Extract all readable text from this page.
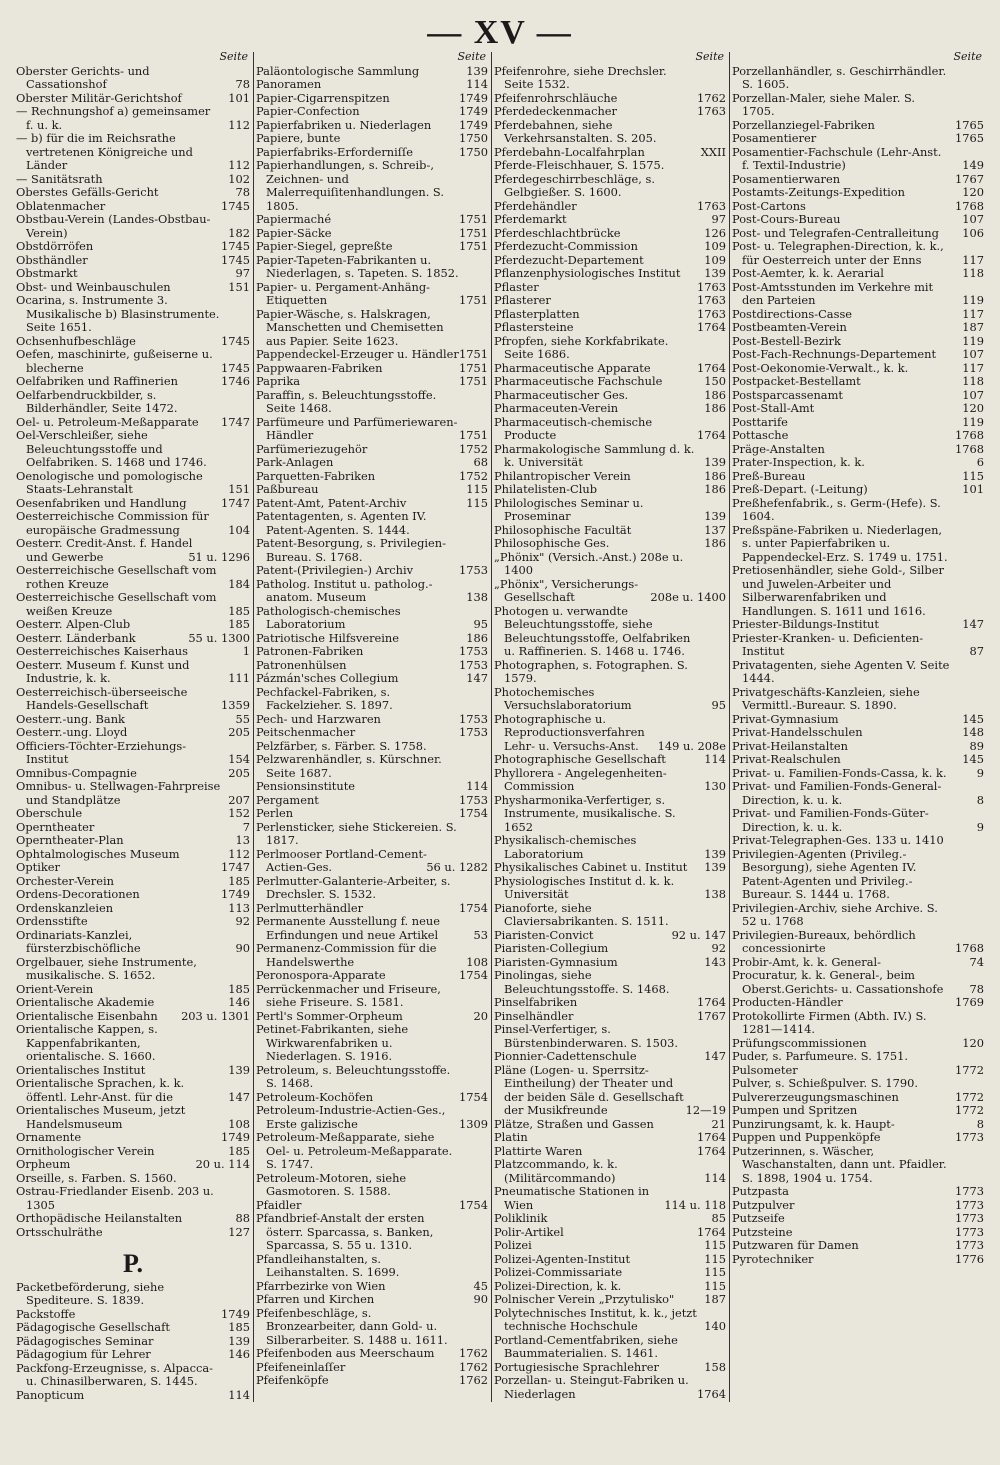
— XV —
Seite
Oberster Gerichts- und Cassationshof	78
Oberster Militär-Gerichtshof	101
— Rechnungshof a) gemeinsamer f. u. k.	112
— b) für die im Reichsrathe vertretenen Königreiche und Länder	112
— Sanitätsrath	102
Oberstes Gefälls-Gericht	78
Oblatenmacher	1745
Obstbau-Verein (Landes-Obstbau-Verein)	182
Obstdörröfen	1745
Obsthändler	1745
Obstmarkt	97
Obst- und Weinbauschulen	151
Ocarina, s. Instrumente 3. Musikalische b) Blasinstrumente. Seite 1651.
Ochsenhufbeschläge	1745
Oefen, maschinirte, gußeiserne u. blecherne	1745
Oelfabriken und Raffinerien	1746
Oelfarbendruckbilder, s. Bilderhändler, Seite 1472.
Oel- u. Petroleum-Meßapparate	1747
Oel-Verschleißer, siehe Beleuchtungsstoffe und Oelfabriken. S. 1468 und 1746.
Oenologische und pomologische Staats-Lehranstalt	151
Oesenfabriken und Handlung	1747
Oesterreichische Commission für europäische Gradmessung	104
Oesterr. Credit-Anst. f. Handel und Gewerbe	51 u. 1296
Oesterreichische Gesellschaft vom rothen Kreuze	184
Oesterreichische Gesellschaft vom weißen Kreuze	185
Oesterr. Alpen-Club	185
Oesterr. Länderbank	55 u. 1300
Oesterreichisches Kaiserhaus	1
Oesterr. Museum f. Kunst und Industrie, k. k.	111
Oesterreichisch-überseeische Handels-Gesellschaft	1359
Oesterr.-ung. Bank	55
Oesterr.-ung. Lloyd	205
Officiers-Töchter-Erziehungs-Institut	154
Omnibus-Compagnie	205
Omnibus- u. Stellwagen-Fahrpreise und Standplätze	207
Oberschule	152
Operntheater	7
Operntheater-Plan	13
Ophtalmologisches Museum	112
Optiker	1747
Orchester-Verein	185
Ordens-Decorationen	1749
Ordenskanzleien	113
Ordensstifte	92
Ordinariats-Kanzlei, fürsterzbischöfliche	90
Orgelbauer, siehe Instrumente, musikalische. S. 1652.
Orient-Verein	185
Orientalische Akademie	146
Orientalische Eisenbahn	203 u. 1301
Orientalische Kappen, s. Kappenfabrikanten, orientalische. S. 1660.
Orientalisches Institut	139
Orientalische Sprachen, k. k. öffentl. Lehr-Anst. für die	147
Orientalisches Museum, jetzt Handelsmuseum	108
Ornamente	1749
Ornithologischer Verein	185
Orpheum	20 u. 114
Orseille, s. Farben. S. 1560.
Ostrau-Friedlander Eisenb. 203 u. 1305
Orthopädische Heilanstalten	88
Ortsschulräthe	127
P.
Packetbeförderung, siehe Spediteure. S. 1839.
Packstoffe	1749
Pädagogische Gesellschaft	185
Pädagogisches Seminar	139
Pädagogium für Lehrer	146
Packfong-Erzeugnisse, s. Alpacca- u. Chinasilberwaren, S. 1445.
Panopticum	114
Seite
Paläontologische Sammlung	139
Panoramen	114
Papier-Cigarrenspitzen	1749
Papier-Confection	1749
Papierfabriken u. Niederlagen	1749
Papiere, bunte	1750
Papierfabriks-Erforderniſſe	1750
Papierhandlungen, s. Schreib-, Zeichnen- und Malerrequiſitenhandlungen. S. 1805.
Papiermaché	1751
Papier-Säcke	1751
Papier-Siegel, gepreßte	1751
Papier-Tapeten-Fabrikanten u. Niederlagen, s. Tapeten. S. 1852.
Papier- u. Pergament-Anhäng-Etiquetten	1751
Papier-Wäsche, s. Halskragen, Manschetten und Chemisetten aus Papier. Seite 1623.
Pappendeckel-Erzeuger u. Händler 1751
Pappwaaren-Fabriken	1751
Paprika	1751
Paraffin, s. Beleuchtungsstoffe. Seite 1468.
Parfümeure und Parfümeriewaren-Händler	1751
Parfümeriezugehör	1752
Park-Anlagen	68
Parquetten-Fabriken	1752
Paßbureau	115
Patent-Amt, Patent-Archiv	115
Patentagenten, s. Agenten IV. Patent-Agenten. S. 1444.
Patent-Besorgung, s. Privilegien-Bureau. S. 1768.
Patent-(Privilegien-) Archiv	1753
Patholog. Institut u. patholog.-anatom. Museum	138
Pathologisch-chemisches Laboratorium	95
Patriotische Hilfsvereine	186
Patronen-Fabriken	1753
Patronenhülsen	1753
Pázmán'sches Collegium	147
Pechfackel-Fabriken, s. Fackelzieher. S. 1897.
Pech- und Harzwaren	1753
Peitschenmacher	1753
Pelzfärber, s. Färber. S. 1758.
Pelzwarenhändler, s. Kürschner. Seite 1687.
Pensionsinstitute	114
Pergament	1753
Perlen	1754
Perlensticker, siehe Stickereien. S. 1817.
Perlmooser Portland-Cement-Actien-Ges.	56 u. 1282
Perlmutter-Galanterie-Arbeiter, s. Drechsler. S. 1532.
Perlmutterhändler	1754
Permanente Ausstellung f. neue Erfindungen und neue Artikel	53
Permanenz-Commission für die Handelswerthe	108
Peronospora-Apparate	1754
Perrückenmacher und Friseure, siehe Friseure. S. 1581.
Pertl's Sommer-Orpheum	20
Petinet-Fabrikanten, siehe Wirkwarenfabriken u. Niederlagen. S. 1916.
Petroleum, s. Beleuchtungsstoffe. S. 1468.
Petroleum-Kochöfen	1754
Petroleum-Industrie-Actien-Ges., Erste galizische	1309
Petroleum-Meßapparate, siehe Oel- u. Petroleum-Meßapparate. S. 1747.
Petroleum-Motoren, siehe Gasmotoren. S. 1588.
Pfaidler	1754
Pfandbrief-Anstalt der ersten österr. Sparcassa, s. Banken, Sparcassa, S. 55 u. 1310.
Pfandleihanstalten, s. Leihanstalten. S. 1699.
Pfarrbezirke von Wien	45
Pfarren und Kirchen	90
Pfeifenbeschläge, s. Bronzearbeiter, dann Gold- u. Silberarbeiter. S. 1488 u. 1611.
Pfeifenboden aus Meerschaum	1762
Pfeifeneinlaſſer	1762
Pfeifenköpfe	1762
Seite
Pfeifenrohre, siehe Drechsler. Seite 1532.
Pfeifenrohrschläuche	1762
Pferdedeckenmacher	1763
Pferdebahnen, siehe Verkehrsanstalten. S. 205.
Pferdebahn-Localfahrplan	XXII
Pferde-Fleischhauer, S. 1575.
Pferdegeschirrbeschläge, s. Gelbgießer. S. 1600.
Pferdehändler	1763
Pferdemarkt	97
Pferdeschlachtbrücke	126
Pferdezucht-Commission	109
Pferdezucht-Departement	109
Pflanzenphysiologisches Institut	139
Pflaster	1763
Pflasterer	1763
Pflasterplatten	1763
Pflastersteine	1764
Pfropfen, siehe Korkfabrikate. Seite 1686.
Pharmaceutische Apparate	1764
Pharmaceutische Fachschule	150
Pharmaceutischer Ges.	186
Pharmaceuten-Verein	186
Pharmaceutisch-chemische Producte	1764
Pharmakologische Sammlung d. k. k. Universität	139
Philantropischer Verein	186
Philatelisten-Club	186
Philologisches Seminar u. Proseminar	139
Philosophische Facultät	137
Philosophische Ges.	186
„Phönix" (Versich.-Anst.) 208e u. 1400
„Phönix", Versicherungs-Gesellschaft	208e u. 1400
Photogen u. verwandte Beleuchtungsstoffe, siehe Beleuchtungsstoffe, Oelfabriken u. Raffinerien. S. 1468 u. 1746.
Photographen, s. Fotographen. S. 1579.
Photochemisches Versuchslaboratorium	95
Photographische u. Reproductionsverfahren Lehr- u. Versuchs-Anst.	149 u. 208e
Photographische Gesellschaft	114
Phyllorera - Angelegenheiten-Commission	130
Physharmonika-Verfertiger, s. Instrumente, musikalische. S. 1652
Physikalisch-chemisches Laboratorium	139
Physikalisches Cabinet u. Institut	139
Physiologisches Institut d. k. k. Universität	138
Pianoforte, siehe Claviersabrikanten. S. 1511.
Piaristen-Convict	92 u. 147
Piaristen-Collegium	92
Piaristen-Gymnasium	143
Pinolingas, siehe Beleuchtungsstoffe. S. 1468.
Pinselfabriken	1764
Pinselhändler	1767
Pinsel-Verfertiger, s. Bürstenbinderwaren. S. 1503.
Pionnier-Cadettenschule	147
Pläne (Logen- u. Sperrsitz-Eintheilung) der Theater und der beiden Säle d. Gesellschaft der Musikfreunde	12—19
Plätze, Straßen und Gassen	21
Platin	1764
Plattirte Waren	1764
Platzcommando, k. k. (Militärcommando)	114
Pneumatische Stationen in Wien	114 u. 118
Poliklinik	85
Polir-Artikel	1764
Polizei	115
Polizei-Agenten-Institut	115
Polizei-Commissariate	115
Polizei-Direction, k. k.	115
Polnischer Verein „Przytulisko"	187
Polytechnisches Institut, k. k., jetzt technische Hochschule	140
Portland-Cementfabriken, siehe Baummaterialien. S. 1461.
Portugiesische Sprachlehrer	158
Porzellan- u. Steingut-Fabriken u. Niederlagen	1764
Seite
Porzellanhändler, s. Geschirrhändler. S. 1605.
Porzellan-Maler, siehe Maler. S. 1705.
Porzellanziegel-Fabriken	1765
Posamentierer	1765
Posamentier-Fachschule (Lehr-Anst. f. Textil-Industrie)	149
Posamentierwaren	1767
Postamts-Zeitungs-Expedition	120
Post-Cartons	1768
Post-Cours-Bureau	107
Post- und Telegrafen-Centralleitung	106
Post- u. Telegraphen-Direction, k. k., für Oesterreich unter der Enns	117
Post-Aemter, k. k. Aerarial	118
Post-Amtsstunden im Verkehre mit den Parteien	119
Postdirections-Casse	117
Postbeamten-Verein	187
Post-Bestell-Bezirk	119
Post-Fach-Rechnungs-Departement	107
Post-Oekonomie-Verwalt., k. k.	117
Postpacket-Bestellamt	118
Postsparcassenamt	107
Post-Stall-Amt	120
Posttarife	119
Pottasche	1768
Präge-Anstalten	1768
Prater-Inspection, k. k.	6
Preß-Bureau	115
Preß-Depart. (-Leitung)	101
Preßhefenfabrik., s. Germ-(Hefe). S. 1604.
Preßspäne-Fabriken u. Niederlagen, s. unter Papierfabriken u. Pappendeckel-Erz. S. 1749 u. 1751.
Pretiosenhändler, siehe Gold-, Silber und Juwelen-Arbeiter und Silberwarenfabriken und Handlungen. S. 1611 und 1616.
Priester-Bildungs-Institut	147
Priester-Kranken- u. Deficienten-Institut	87
Privatagenten, siehe Agenten V. Seite 1444.
Privatgeschäfts-Kanzleien, siehe Vermittl.-Bureaur. S. 1890.
Privat-Gymnasium	145
Privat-Handelsschulen	148
Privat-Heilanstalten	89
Privat-Realschulen	145
Privat- u. Familien-Fonds-Cassa, k. k.	9
Privat- und Familien-Fonds-General-Direction, k. u. k.	8
Privat- und Familien-Fonds-Güter-Direction, k. u. k.	9
Privat-Telegraphen-Ges. 133 u. 1410
Privilegien-Agenten (Privileg.-Besorgung), siehe Agenten IV. Patent-Agenten und Privileg.-Bureaur. S. 1444 u. 1768.
Privilegien-Archiv, siehe Archive. S. 52 u. 1768
Privilegien-Bureaux, behördlich concessionirte	1768
Probir-Amt, k. k. General-	74
Procuratur, k. k. General-, beim Oberst.Gerichts- u. Cassationshofe	78
Producten-Händler	1769
Protokollirte Firmen (Abth. IV.) S. 1281—1414.
Prüfungscommissionen	120
Puder, s. Parfumeure. S. 1751.
Pulsometer	1772
Pulver, s. Schießpulver. S. 1790.
Pulvererzeugungsmaschinen	1772
Pumpen und Spritzen	1772
Punzirungsamt, k. k. Haupt-	8
Puppen und Puppenköpfe	1773
Putzerinnen, s. Wäscher, Waschanstalten, dann unt. Pfaidler. S. 1898, 1904 u. 1754.
Putzpasta	1773
Putzpulver	1773
Putzseife	1773
Putzsteine	1773
Putzwaren für Damen	1773
Pyrotechniker	1776
